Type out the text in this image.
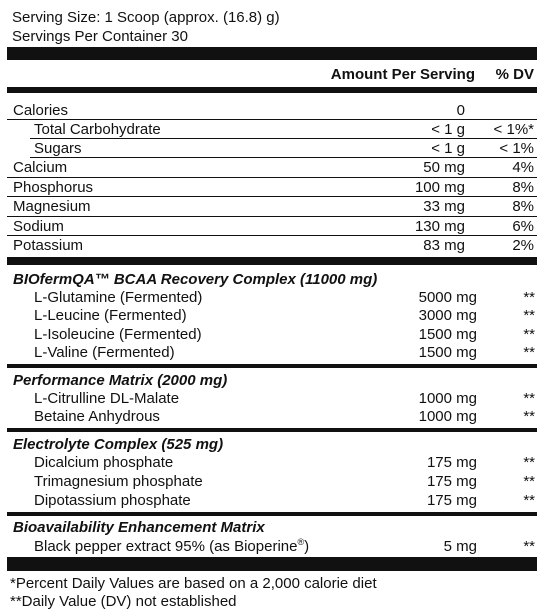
Serving Size: 1 Scoop (approx. (16.8) g)
Servings Per Container 30
Amount Per Serving % DV
Calories	0
Total Carbohydrate	< 1 g < 1%*
Sugars	< 1 g < 1%
Calcium	50 mg	4%
Phosphorus	100 mg	8%
Magnesium	33 mg	8%
Sodium	130 mg	6%
Potassium	83 mg	2%
BIOfermQA™ BCAA Recovery Complex (11000 mg)
L-Glutamine (Fermented)	5000 mg	**
L-Leucine (Fermented)	3000 mg	**
L-Isoleucine (Fermented)	1500 mg	**
L-Valine (Fermented)	1500 mg	**
Performance Matrix (2000 mg)
L-Citrulline DL-Malate	1000 mg	**
Betaine Anhydrous	1000 mg	**
Electrolyte Complex (525 mg)
Dicalcium phosphate	175 mg	**
Trimagnesium phosphate	175 mg	**
Dipotassium phosphate	175 mg	**
Bioavailability Enhancement Matrix
Black pepper extract 95% (as Bioperine®)	5 mg	**
*Percent Daily Values are based on a 2,000 calorie diet
**Daily Value (DV) not established
